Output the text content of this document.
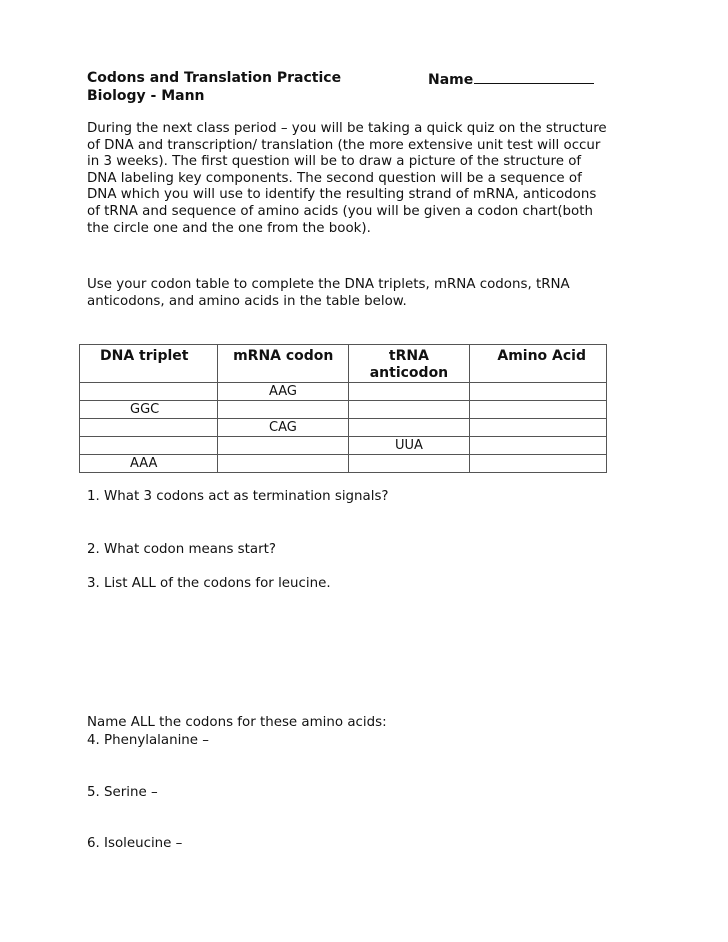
Codons and Translation Practice
Biology - Mann
Name
During the next class period – you will be taking a quick quiz on the structure of DNA and transcription/ translation (the more extensive unit test will occur in 3 weeks). The first question will be to draw a picture of the structure of DNA labeling key components. The second question will be a sequence of DNA which you will use to identify the resulting strand of mRNA, anticodons of tRNA and sequence of amino acids (you will be given a codon chart(both the circle one and the one from the book).
Use your codon table to complete the DNA triplets, mRNA codons, tRNA anticodons, and amino acids in the table below.
DNA triplet	mRNA codon	tRNA anticodon	Amino Acid
	AAG		
GGC			
	CAG		
		UUA	
AAA			
1. What 3 codons act as termination signals?
2. What codon means start?
3. List ALL of the codons for leucine.
Name ALL the codons for these amino acids:
4. Phenylalanine –
5. Serine –
6. Isoleucine –
